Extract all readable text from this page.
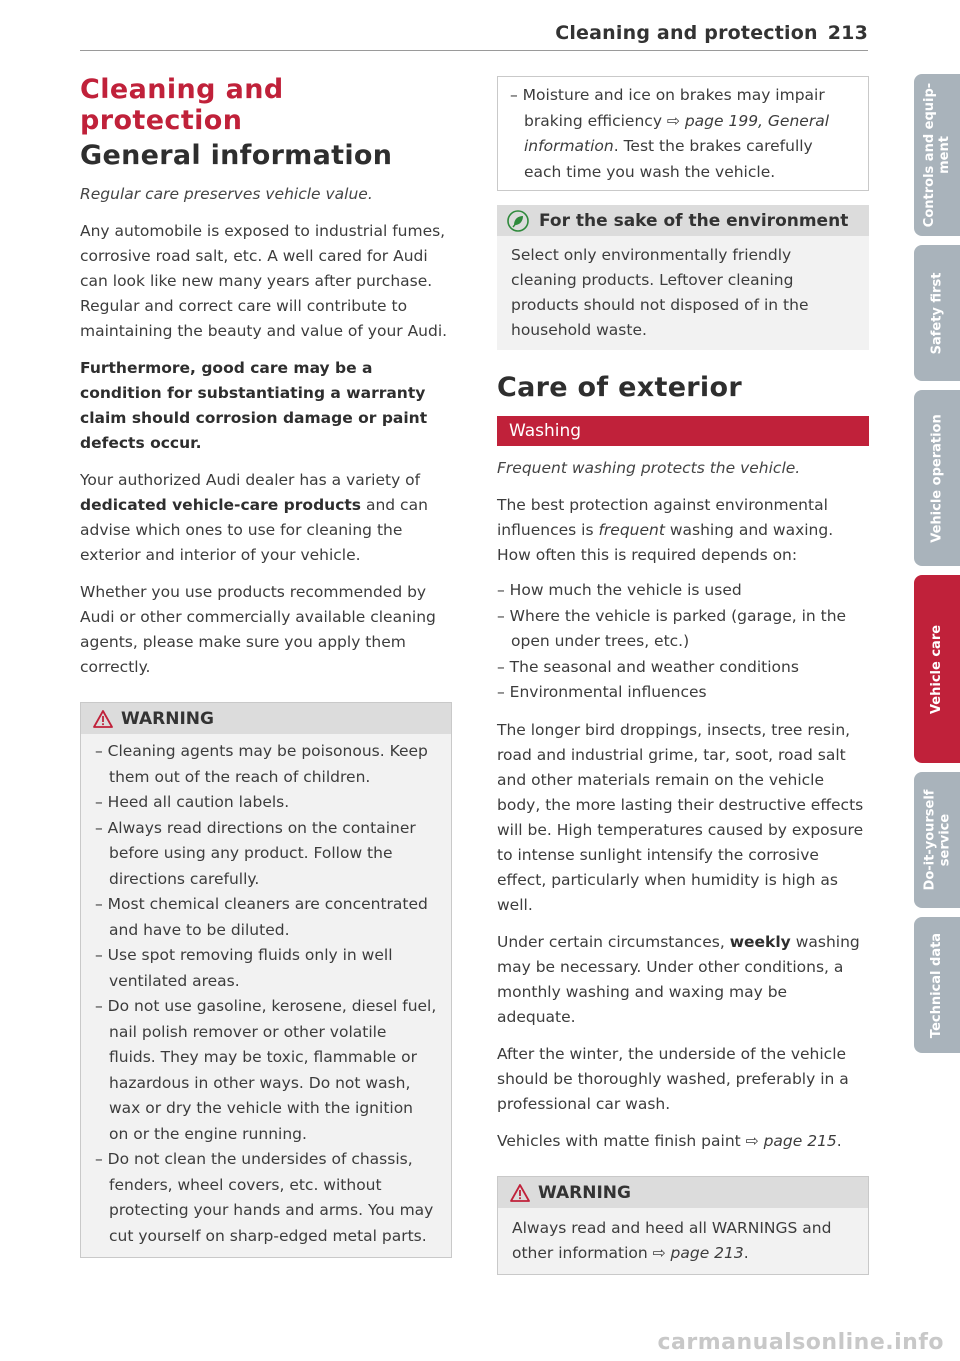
Cleaning and protection 213
Cleaning and protection
General information
Regular care preserves vehicle value.

Any automobile is exposed to industrial fumes, corrosive road salt, etc. A well cared for Audi can look like new many years after purchase. Regular and correct care will contribute to maintaining the beauty and value of your Audi.

Furthermore, good care may be a condition for substantiating a warranty claim should corrosion damage or paint defects occur.

Your authorized Audi dealer has a variety of dedicated vehicle-care products and can advise which ones to use for cleaning the exterior and interior of your vehicle.

Whether you use products recommended by Audi or other commercially available cleaning agents, please make sure you apply them correctly.

WARNING
– Cleaning agents may be poisonous. Keep them out of the reach of children.
– Heed all caution labels.
– Always read directions on the container before using any product. Follow the directions carefully.
– Most chemical cleaners are concentrated and have to be diluted.
– Use spot removing fluids only in well ventilated areas.
– Do not use gasoline, kerosene, diesel fuel, nail polish remover or other volatile fluids. They may be toxic, flammable or hazardous in other ways. Do not wash, wax or dry the vehicle with the ignition on or the engine running.
– Do not clean the undersides of chassis, fenders, wheel covers, etc. without protecting your hands and arms. You may cut yourself on sharp-edged metal parts.
– Moisture and ice on brakes may impair braking efficiency ⇨ page 199, General information. Test the brakes carefully each time you wash the vehicle.
For the sake of the environment
Select only environmentally friendly cleaning products. Leftover cleaning products should not disposed of in the household waste.
Care of exterior
Washing
Frequent washing protects the vehicle.

The best protection against environmental influences is frequent washing and waxing. How often this is required depends on:

– How much the vehicle is used
– Where the vehicle is parked (garage, in the open under trees, etc.)
– The seasonal and weather conditions
– Environmental influences

The longer bird droppings, insects, tree resin, road and industrial grime, tar, soot, road salt and other materials remain on the vehicle body, the more lasting their destructive effects will be. High temperatures caused by exposure to intense sunlight intensify the corrosive effect, particularly when humidity is high as well.

Under certain circumstances, weekly washing may be necessary. Under other conditions, a monthly washing and waxing may be adequate.

After the winter, the underside of the vehicle should be thoroughly washed, preferably in a professional car wash.

Vehicles with matte finish paint ⇨ page 215.

WARNING
Always read and heed all WARNINGS and other information ⇨ page 213.
Controls and equip-
ment
Safety first
Vehicle operation
Vehicle care
Do-it-yourself
service
Technical data
carmanualsonline.info
